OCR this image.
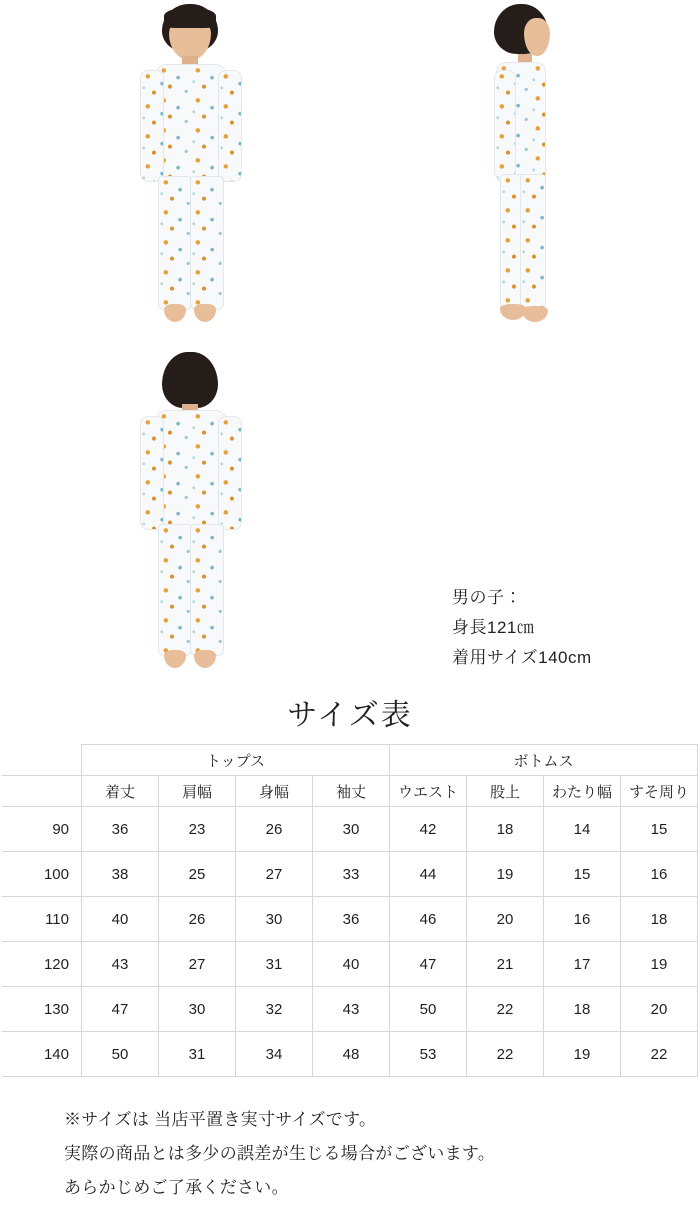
男の子：
身長121㎝
着用サイズ140cm
サイズ表
	トップス				ボトムス			
	着丈	肩幅	身幅	袖丈	ウエスト	股上	わたり幅	すそ周り
90	36	23	26	30	42	18	14	15
100	38	25	27	33	44	19	15	16
110	40	26	30	36	46	20	16	18
120	43	27	31	40	47	21	17	19
130	47	30	32	43	50	22	18	20
140	50	31	34	48	53	22	19	22
※サイズは 当店平置き実寸サイズです。
実際の商品とは多少の誤差が生じる場合がございます。
あらかじめご了承ください。
